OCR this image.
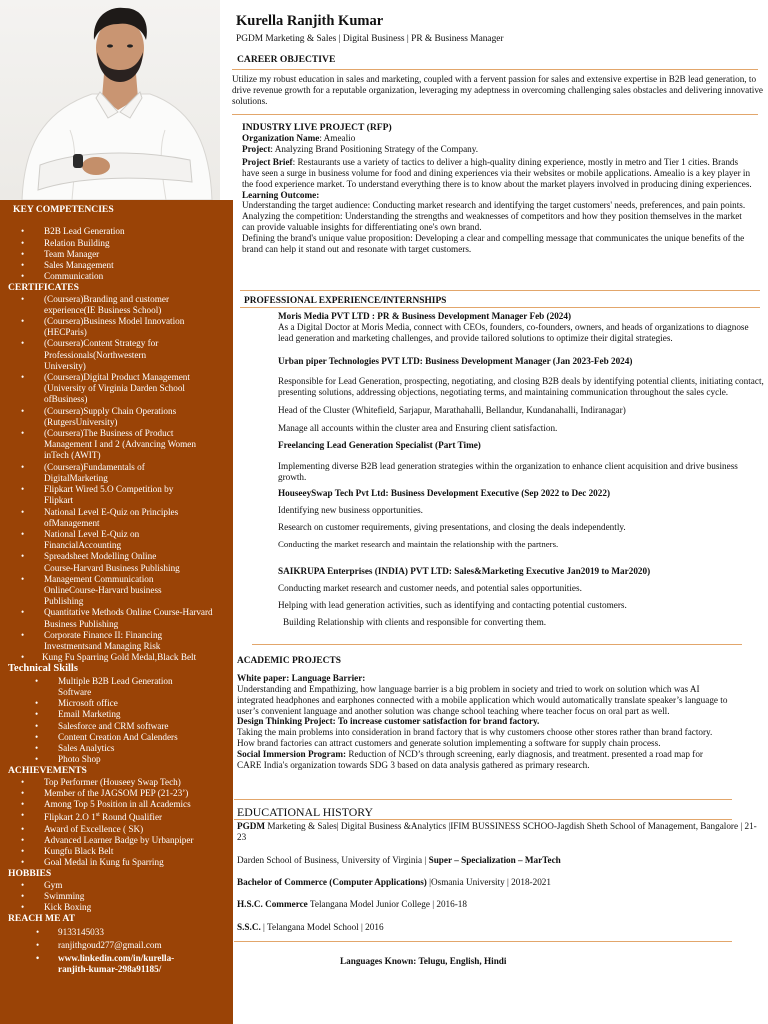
KEY COMPETENCIES
• B2B Lead Generation
• Relation Building
• Team Manager
• Sales Management
• Communication
CERTIFICATES
• (Coursera)Branding and customer experience(IE Business School)
• (Coursera)Business Model Innovation (HECParis)
• (Coursera)Content Strategy for Professionals(Northwestern University)
• (Coursera)Digital Product Management (University of Virginia Darden School ofBusiness)
• (Coursera)Supply Chain Operations (RutgersUniversity)
• (Coursera)The Business of Product Management I and 2 (Advancing Women inTech (AWIT)
• (Coursera)Fundamentals of DigitalMarketing
• Flipkart Wired 5.O Competition by Flipkart
• National Level E-Quiz on Principles ofManagement
• National Level E-Quiz on FinancialAccounting
• Spreadsheet Modelling Online Course-Harvard Business Publishing
• Management Communication OnlineCourse-Harvard business Publishing
• Quantitative Methods Online Course-Harvard Business Publishing
• Corporate Finance II: Financing Investmentsand Managing Risk
• Kung Fu Sparring Gold Medal,Black Belt
Technical Skills
• Multiple B2B Lead Generation Software
• Microsoft office
• Email Marketing
• Salesforce and CRM software
• Content Creation And Calenders
• Sales Analytics
• Photo Shop
ACHIEVEMENTS
• Top Performer (Houseey Swap Tech)
• Member of the JAGSOM PEP (21-23’)
• Among Top 5 Position in all Academics
• Flipkart 2.O 1st Round Qualifier
• Award of Excellence ( SK)
• Advanced Learner Badge by Urbanpiper
• Kungfu Black Belt
• Goal Medal in Kung fu Sparring
HOBBIES
• Gym
• Swimming
• Kick Boxing
REACH ME AT
• 9133145033
• ranjithgoud277@gmail.com
• www.linkedin.com/in/kurella-ranjith-kumar-298a91185/
Kurella Ranjith Kumar
PGDM Marketing & Sales | Digital Business | PR & Business Manager
CAREER OBJECTIVE

Utilize my robust education in sales and marketing, coupled with a fervent passion for sales and extensive expertise in B2B lead generation, to drive revenue growth for a reputable organization, leveraging my adeptness in overcoming challenging sales obstacles and delivering innovative solutions.

INDUSTRY LIVE PROJECT (RFP)

Organization Name: Amealio

Project: Analyzing Brand Positioning Strategy of the Company.

Project Brief: Restaurants use a variety of tactics to deliver a high-quality dining experience, mostly in metro and Tier 1 cities. Brands have seen a surge in business volume for food and dining experiences via their websites or mobile applications. Amealio is a key player in the food experience market. To understand everything there is to know about the market players involved in producing dining experiences.

Learning Outcome:

Understanding the target audience: Conducting market research and identifying the target customers' needs, preferences, and pain points.

Analyzing the competition: Understanding the strengths and weaknesses of competitors and how they position themselves in the market can provide valuable insights for differentiating one's own brand.

Defining the brand's unique value proposition: Developing a clear and compelling message that communicates the unique benefits of the brand can help it stand out and resonate with target customers.

PROFESSIONAL EXPERIENCE/INTERNSHIPS

Moris Media PVT LTD : PR & Business Development Manager Feb (2024)

As a Digital Doctor at Moris Media, connect with CEOs, founders, co-founders, owners, and heads of organizations to diagnose lead generation and marketing challenges, and provide tailored solutions to optimize their digital strategies.

Urban piper Technologies PVT LTD: Business Development Manager (Jan 2023-Feb 2024)

Responsible for Lead Generation, prospecting, negotiating, and closing B2B deals by identifying potential clients, initiating contact, presenting solutions, addressing objections, negotiating terms, and maintaining communication throughout the sales cycle.

Head of the Cluster (Whitefield, Sarjapur, Marathahalli, Bellandur, Kundanahalli, Indiranagar)

Manage all accounts within the cluster area and Ensuring client satisfaction.

Freelancing Lead Generation Specialist (Part Time)

Implementing diverse B2B lead generation strategies within the organization to enhance client acquisition and drive business growth.

HouseeySwap Tech Pvt Ltd: Business Development Executive (Sep 2022 to Dec 2022)

Identifying new business opportunities.

Research on customer requirements, giving presentations, and closing the deals independently.

Conducting the market research and maintain the relationship with the partners.

SAIKRUPA Enterprises (INDIA) PVT LTD: Sales&Marketing Executive Jan2019 to Mar2020)

Conducting market research and customer needs, and potential sales opportunities.

Helping with lead generation activities, such as identifying and contacting potential customers.

Building Relationship with clients and responsible for converting them.

ACADEMIC PROJECTS

White paper: Language Barrier:

Understanding and Empathizing, how language barrier is a big problem in society and tried to work on solution which was AI integrated headphones and earphones connected with a mobile application which would automatically translate speaker’s language to user’s convenient language and another solution was change school teaching where teacher focus on oral part as well.

Design Thinking Project: To increase customer satisfaction for brand factory.

Taking the main problems into consideration in brand factory that is why customers choose other stores rather than brand factory. How brand factories can attract customers and generate solution implementing a software for supply chain process.

Social Immersion Program: Reduction of NCD’s through screening, early diagnosis, and treatment. presented a road map for CARE India's organization towards SDG 3 based on data analysis gathered as primary research.

EDUCATIONAL HISTORY

PGDM Marketing & Sales| Digital Business &Analytics |IFIM BUSSINESS SCHOO-Jagdish Sheth School of Management, Bangalore | 21-23

Darden School of Business, University of Virginia | Super – Specialization – MarTech

Bachelor of Commerce (Computer Applications) |Osmania University | 2018-2021

H.S.C. Commerce Telangana Model Junior College | 2016-18

S.S.C. | Telangana Model School | 2016

Languages Known: Telugu, English, Hindi
